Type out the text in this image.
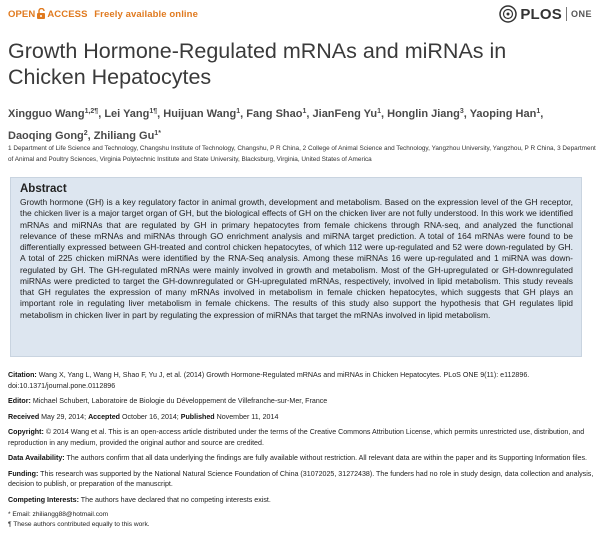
OPEN ACCESS Freely available online	PLOS ONE
Growth Hormone-Regulated mRNAs and miRNAs in
Chicken Hepatocytes
Xingguo Wang$^{1,2\P}$, Lei Yang$^{1\P}$, Huijuan Wang$^1$, Fang Shao$^1$, JianFeng Yu$^1$, Honglin Jiang$^3$, Yaoping Han$^1$,
Daoqing Gong$^2$, Zhiliang $Gu^{1*}$
1 Department of Life Science and Technology, Changshu Institute of Technology, Changshu, P R China, 2 College of Animal Science and Technology, Yangzhou University, Yangzhou, P R China, 3 Department of Animal and Poultry Sciences, Virginia Polytechnic Institute and State University, Blacksburg, Virginia, United States of America
Abstract
Growth hormone (GH) is a key regulatory factor in animal growth, development and metabolism. Based on the expression level of the GH receptor, the chicken liver is a major target organ of GH, but the biological effects of GH on the chicken liver are not fully understood. In this work we identified mRNAs and miRNAs that are regulated by GH in primary hepatocytes from female chickens through RNA-seq, and analyzed the functional relevance of these mRNAs and miRNAs through GO enrichment analysis and miRNA target prediction. A total of 164 mRNAs were found to be differentially expressed between GH-treated and control chicken hepatocytes, of which 112 were up-regulated and 52 were down-regulated by GH. A total of 225 chicken miRNAs were identified by the RNA-Seq analysis. Among these miRNAs 16 were up-regulated and 1 miRNA was down-regulated by GH. The GH-regulated mRNAs were mainly involved in growth and metabolism. Most of the GH-upregulated or GH-downregulated miRNAs were predicted to target the GH-downregulated or GH-upregulated mRNAs, respectively, involved in lipid metabolism. This study reveals that GH regulates the expression of many mRNAs involved in metabolism in female chicken hepatocytes, which suggests that GH plays an important role in regulating liver metabolism in female chickens. The results of this study also support the hypothesis that GH regulates lipid metabolism in chicken liver in part by regulating the expression of miRNAs that target the mRNAs involved in lipid metabolism.

Citation: Wang X, Yang L, Wang H, Shao F, Yu J, et al. (2014) Growth Hormone-Regulated mRNAs and miRNAs in Chicken Hepatocytes. PLoS ONE 9(11): e112896. doi:10.1371/journal.pone.0112896

Editor: Michael Schubert, Laboratoire de Biologie du Développement de Villefranche-sur-Mer, France

Received May 29, 2014; Accepted October 16, 2014; Published November 11, 2014

Copyright: © 2014 Wang et al. This is an open-access article distributed under the terms of the Creative Commons Attribution License, which permits unrestricted use, distribution, and reproduction in any medium, provided the original author and source are credited.

Data Availability: The authors confirm that all data underlying the findings are fully available without restriction. All relevant data are within the paper and its Supporting Information files.

Funding: This research was supported by the National Natural Science Foundation of China (31072025, 31272438). The funders had no role in study design, data collection and analysis, decision to publish, or preparation of the manuscript.

Competing Interests: The authors have declared that no competing interests exist.

* Email: zhiliangg88@hotmail.com

¶ These authors contributed equally to this work.
